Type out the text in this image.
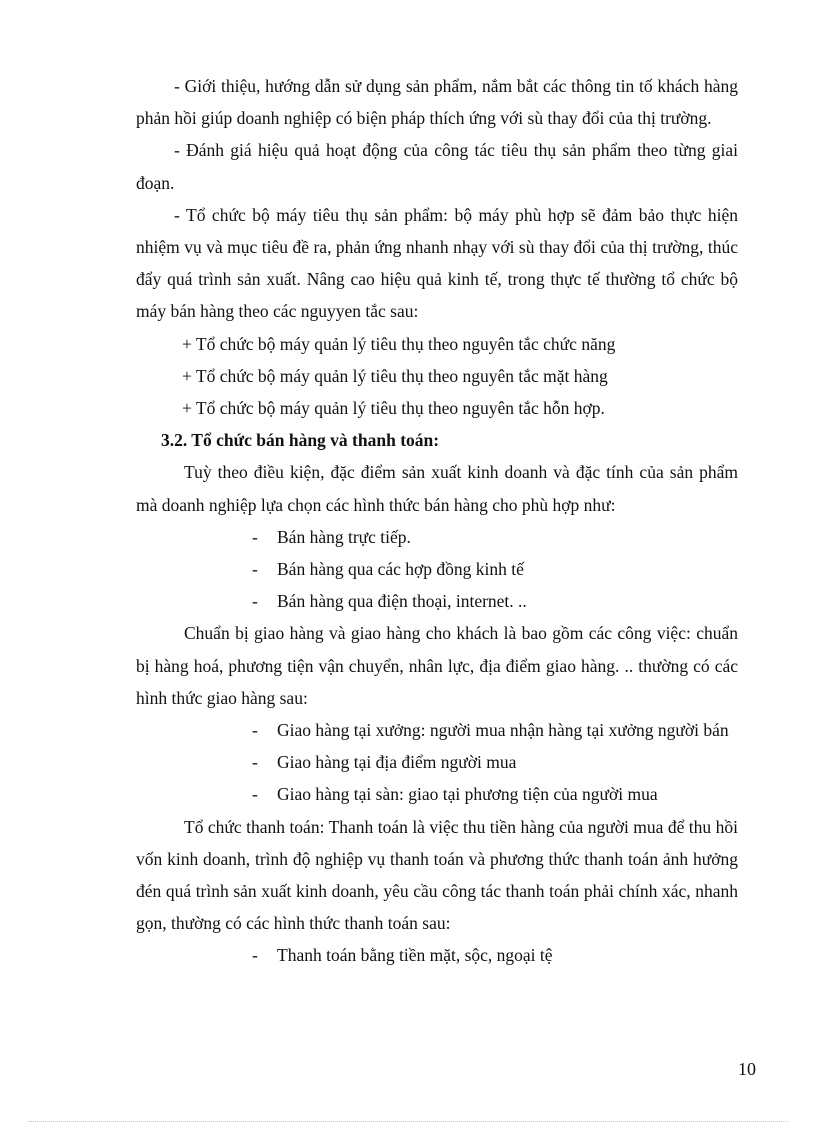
- Giới thiệu, hướng dẫn sử dụng sản phẩm, nắm bắt các thông tin tố khách hàng phản hồi giúp doanh nghiệp có biện pháp thích ứng với sù thay đổi của thị trường.

- Đánh giá hiệu quả hoạt động của công tác tiêu thụ sản phẩm theo từng giai đoạn.

- Tổ chức bộ máy tiêu thụ sản phẩm: bộ máy phù hợp sẽ đảm bảo thực hiện nhiệm vụ và mục tiêu đề ra, phản ứng nhanh nhạy với sù thay đổi của thị trường, thúc đẩy quá trình sản xuất. Nâng cao hiệu quả kinh tế, trong thực tế thường tổ chức bộ máy bán hàng theo các nguyyen tắc sau:

+ Tổ chức bộ máy quản lý tiêu thụ theo nguyên tắc chức năng

+ Tổ chức bộ máy quản lý tiêu thụ theo nguyên tắc mặt hàng

+ Tổ chức bộ máy quản lý tiêu thụ theo nguyên tắc hỗn hợp.

3.2. Tổ chức bán hàng và thanh toán:

Tuỳ theo điều kiện, đặc điểm sản xuất kinh doanh và đặc tính của sản phẩm mà doanh nghiệp lựa chọn các hình thức bán hàng cho phù hợp như:

- Bán hàng trực tiếp.

- Bán hàng qua các hợp đồng kinh tế

- Bán hàng qua điện thoại, internet. ..

Chuẩn bị giao hàng và giao hàng cho khách là bao gồm các công việc: chuẩn bị hàng hoá, phương tiện vận chuyển, nhân lực, địa điểm giao hàng. .. thường có các hình thức giao hàng sau:

- Giao hàng tại xưởng: người mua nhận hàng tại xưởng người bán

- Giao hàng tại địa điểm người mua

- Giao hàng tại sàn: giao tại phương tiện của người mua

Tổ chức thanh toán: Thanh toán là việc thu tiền hàng của người mua để thu hồi vốn kinh doanh, trình độ nghiệp vụ thanh toán và phương thức thanh toán ảnh hưởng đén quá trình sản xuất kinh doanh, yêu cầu công tác thanh toán phải chính xác, nhanh gọn, thường có các hình thức thanh toán sau:

- Thanh toán bằng tiền mặt, sộc, ngoại tệ

10
